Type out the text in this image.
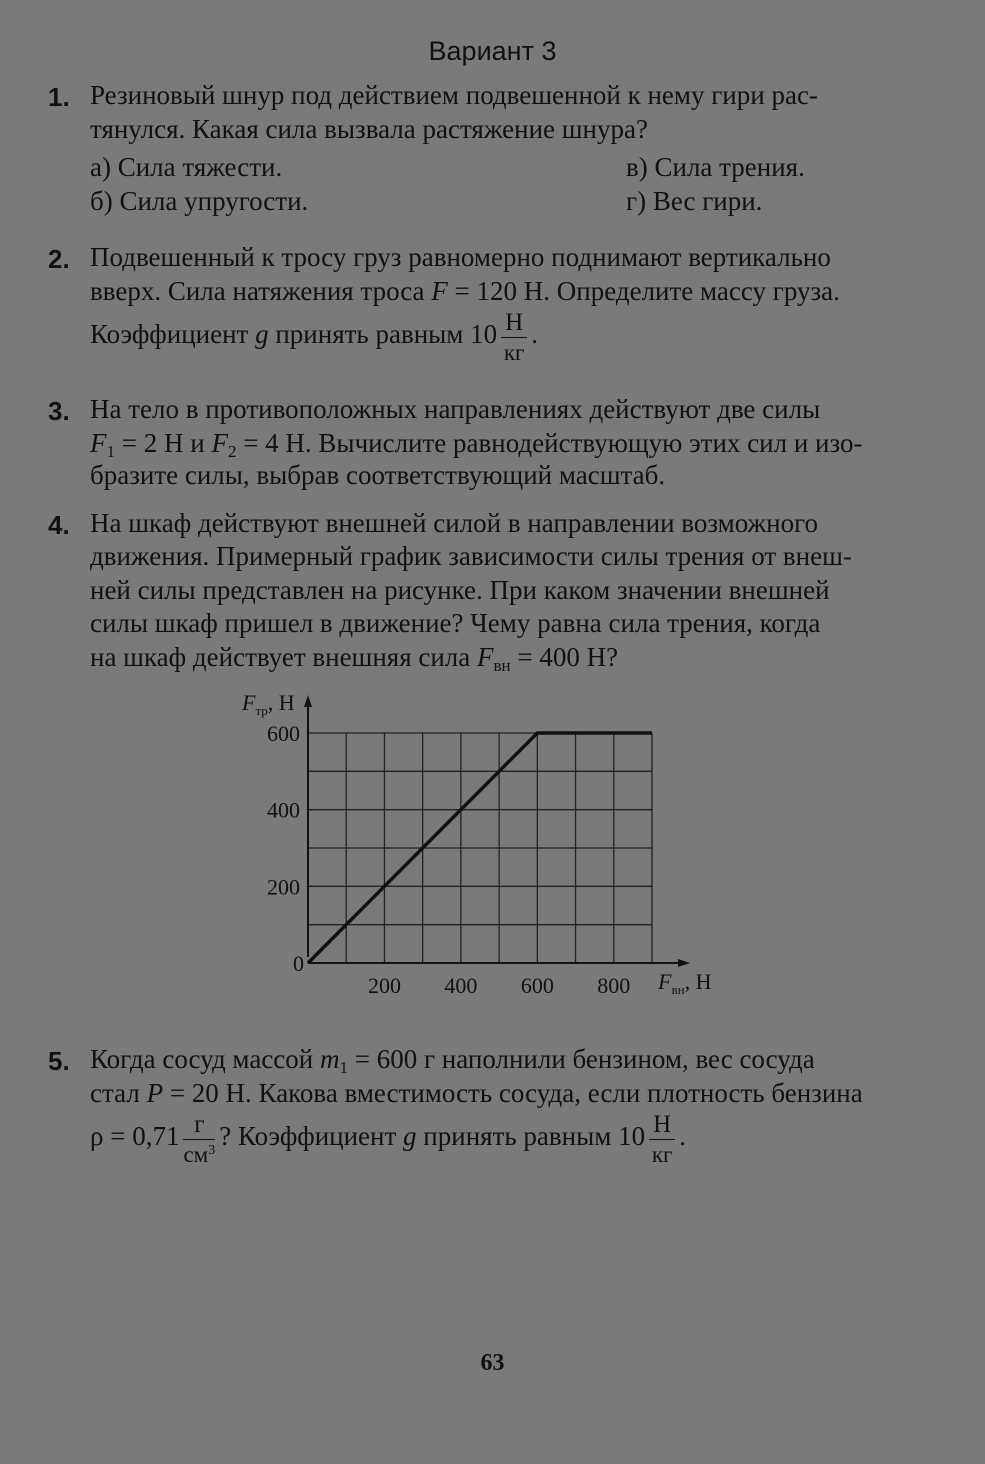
Вариант 3
1. Резиновый шнур под действием подвешенной к нему гири рас-
тянулся. Какая сила вызвала растяжение шнура?
а) Сила тяжести.
б) Сила упругости.
в) Сила трения.
г) Вес гири.
2. Подвешенный к тросу груз равномерно поднимают вертикально
вверх. Сила натяжения троса F = 120 Н. Определите массу груза.
Коэффициент g принять равным $10 \frac{Н}{кг}$ .
3. На тело в противоположных направлениях действуют две силы
$F_1 = 2$ Н и $F_2 = 4$ Н. Вычислите равнодействующую этих сил и изо-
бразите силы, выбрав соответствующий масштаб.
4. На шкаф действуют внешней силой в направлении возможного
движения. Примерный график зависимости силы трения от внеш-
ней силы представлен на рисунке. При каком значении внешней
силы шкаф пришел в движение? Чему равна сила трения, когда
на шкаф действует внешняя сила $F_{вн} = 400$ Н?
0
200
400
600
200 400 600 800
$F_{тр}$, Н
$F_{вн}$, Н
5. Когда сосуд массой $m_1 = 600$ г наполнили бензином, вес сосуда
стал P = 20 Н. Какова вместимость сосуда, если плотность бензина
$\rho = 0,71 \frac{г}{см^3}$ ? Коэффициент g принять равным $10 \frac{Н}{кг}$ .
63
